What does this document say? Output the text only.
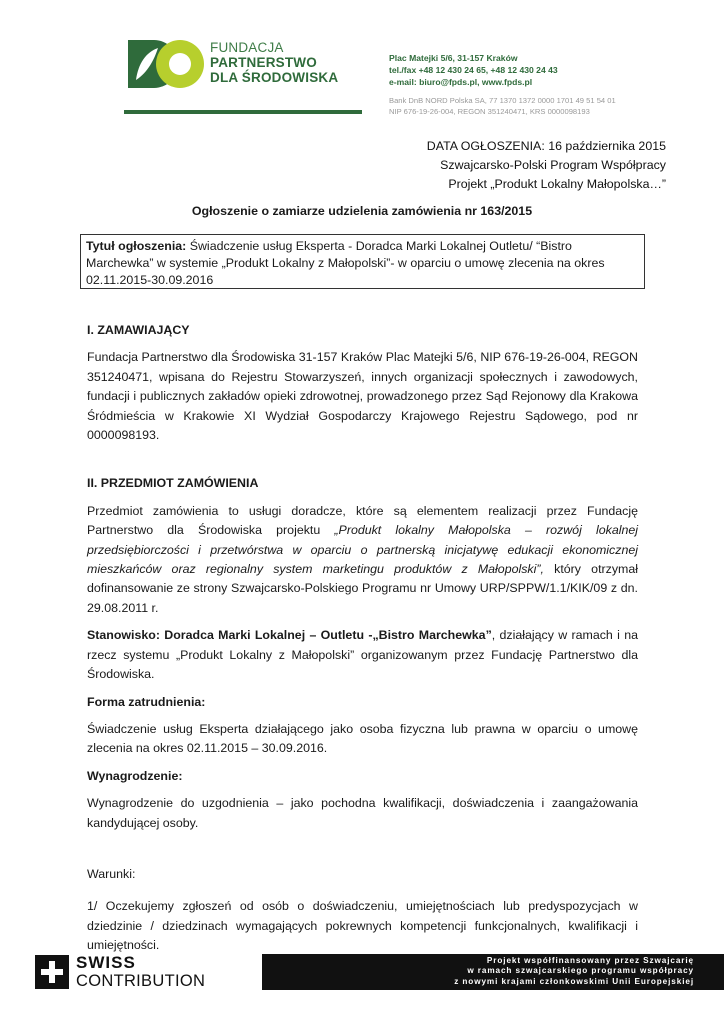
FUNDACJA
PARTNERSTWO
DLA ŚRODOWISKA
Plac Matejki 5/6, 31-157 Kraków
tel./fax +48 12 430 24 65, +48 12 430 24 43
e-mail: biuro@fpds.pl, www.fpds.pl
Bank DnB NORD Polska SA, 77 1370 1372 0000 1701 49 51 54 01
NIP 676-19-26-004, REGON 351240471, KRS 0000098193
DATA OGŁOSZENIA: 16 października 2015
Szwajcarsko-Polski Program Współpracy
Projekt „Produkt Lokalny Małopolska…”
Ogłoszenie o zamiarze udzielenia zamówienia nr 163/2015
Tytuł ogłoszenia: Świadczenie usług Eksperta - Doradca Marki Lokalnej Outletu/ “Bistro Marchewka” w systemie „Produkt Lokalny z Małopolski”- w oparciu o umowę zlecenia na okres 02.11.2015-30.09.2016
I. ZAMAWIAJĄCY

Fundacja Partnerstwo dla Środowiska 31-157 Kraków Plac Matejki 5/6, NIP 676-19-26-004, REGON 351240471, wpisana do Rejestru Stowarzyszeń, innych organizacji społecznych i zawodowych, fundacji i publicznych zakładów opieki zdrowotnej, prowadzonego przez Sąd Rejonowy dla Krakowa Śródmieścia w Krakowie XI Wydział Gospodarczy Krajowego Rejestru Sądowego, pod nr 0000098193.

II. PRZEDMIOT ZAMÓWIENIA

Przedmiot zamówienia to usługi doradcze, które są elementem realizacji przez Fundację Partnerstwo dla Środowiska projektu „Produkt lokalny Małopolska – rozwój lokalnej przedsiębiorczości i przetwórstwa w oparciu o partnerską inicjatywę edukacji ekonomicznej mieszkańców oraz regionalny system marketingu produktów z Małopolski”, który otrzymał dofinansowanie ze strony Szwajcarsko-Polskiego Programu nr Umowy URP/SPPW/1.1/KIK/09 z dn. 29.08.2011 r.

Stanowisko: Doradca Marki Lokalnej – Outletu -„Bistro Marchewka”, działający w ramach i na rzecz systemu „Produkt Lokalny z Małopolski” organizowanym przez Fundację Partnerstwo dla Środowiska.

Forma zatrudnienia:

Świadczenie usług Eksperta działającego jako osoba fizyczna lub prawna w oparciu o umowę zlecenia na okres 02.11.2015 – 30.09.2016.

Wynagrodzenie:

Wynagrodzenie do uzgodnienia – jako pochodna kwalifikacji, doświadczenia i zaangażowania kandydującej osoby.

Warunki:

1/ Oczekujemy zgłoszeń od osób o doświadczeniu, umiejętnościach lub predyspozycjach w dziedzinie / dziedzinach wymagających pokrewnych kompetencji funkcjonalnych, kwalifikacji i umiejętności.

SWISS
CONTRIBUTION
Projekt współfinansowany przez Szwajcarię
w ramach szwajcarskiego programu współpracy
z nowymi krajami członkowskimi Unii Europejskiej
